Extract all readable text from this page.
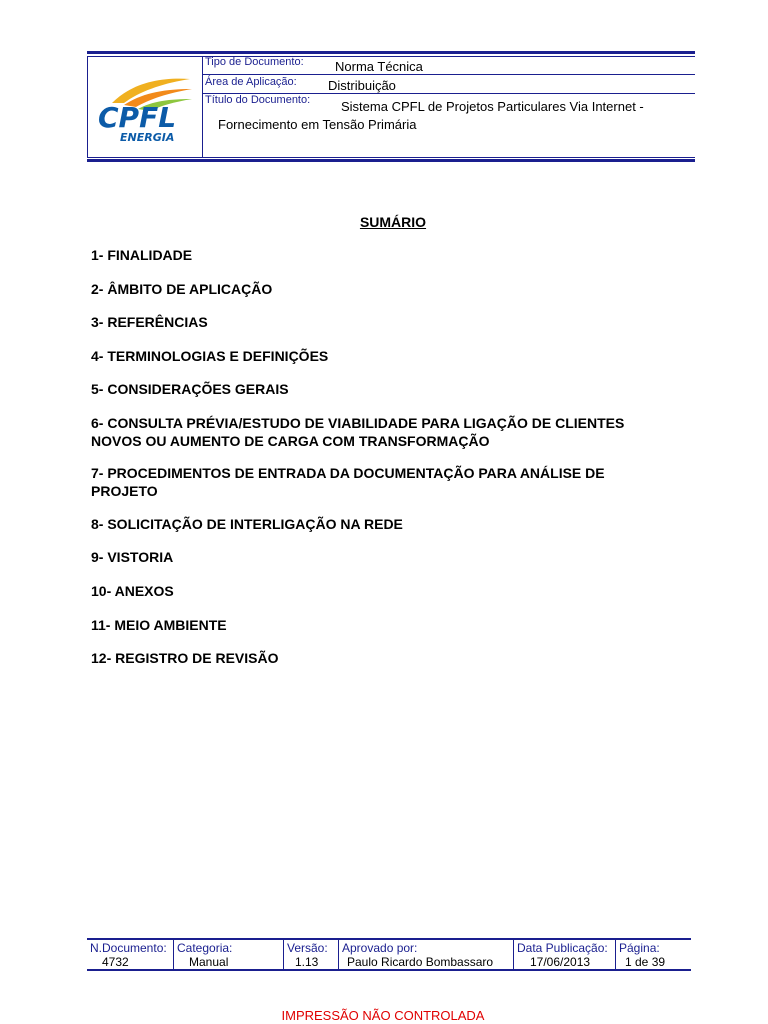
CPFL
ENERGIA
Tipo de Documento: Norma Técnica
Área de Aplicação: Distribuição
Título do Documento: Sistema CPFL de Projetos Particulares Via Internet -
Fornecimento em Tensão Primária
SUMÁRIO
1- FINALIDADE
2- ÂMBITO DE APLICAÇÃO
3- REFERÊNCIAS
4- TERMINOLOGIAS E DEFINIÇÕES
5- CONSIDERAÇÕES GERAIS
6- CONSULTA PRÉVIA/ESTUDO DE VIABILIDADE PARA LIGAÇÃO DE CLIENTES
NOVOS OU AUMENTO DE CARGA COM TRANSFORMAÇÃO
7- PROCEDIMENTOS DE ENTRADA DA DOCUMENTAÇÃO PARA ANÁLISE DE
PROJETO
8- SOLICITAÇÃO DE INTERLIGAÇÃO NA REDE
9- VISTORIA
10- ANEXOS
11- MEIO AMBIENTE
12- REGISTRO DE REVISÃO
N.Documento:
4732
Categoria:
Manual
Versão:
1.13
Aprovado por:
Paulo Ricardo Bombassaro
Data Publicação:
17/06/2013
Página:
1 de 39
IMPRESSÃO NÃO CONTROLADA
